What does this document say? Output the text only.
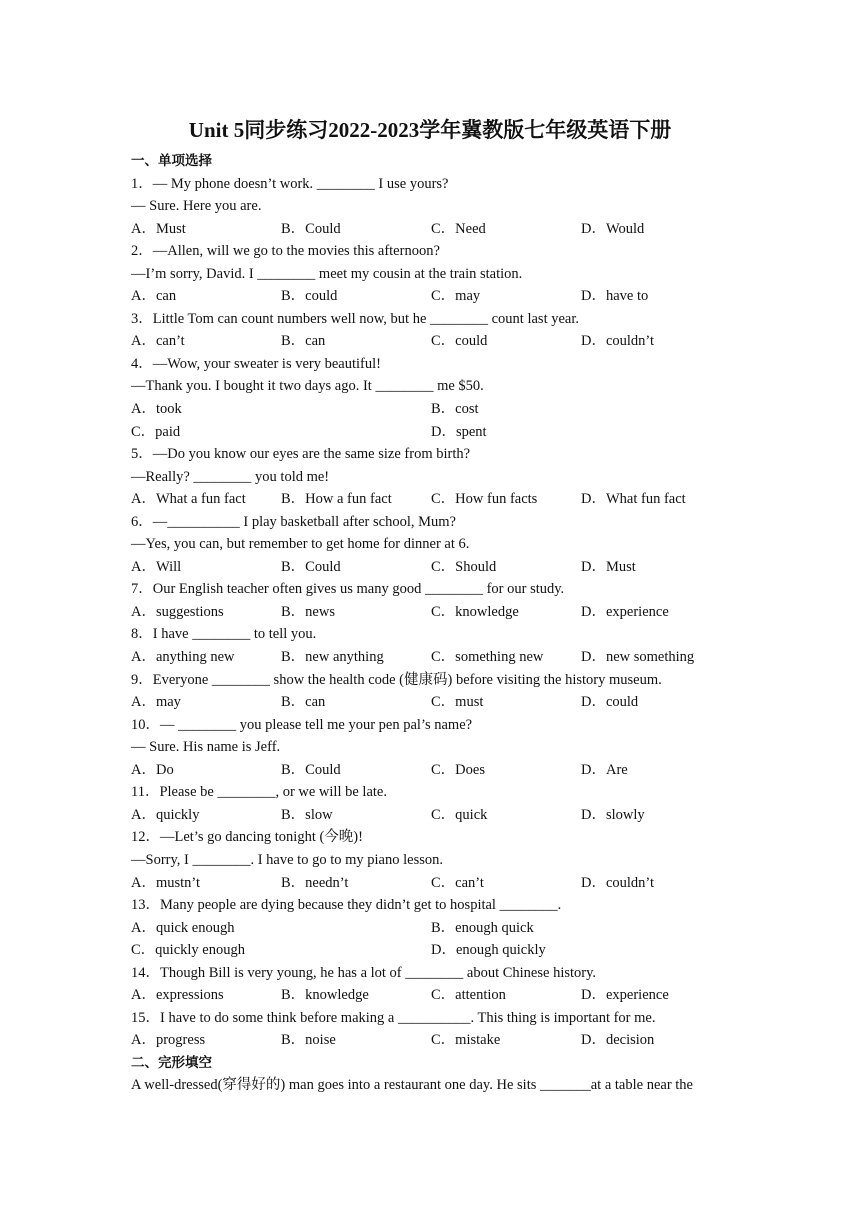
Unit 5同步练习2022-2023学年冀教版七年级英语下册
一、单项选择
1．— My phone doesn’t work. ________ I use yours?
— Sure. Here you are.
A．Must	B．Could	C．Need	D．Would
2．—Allen, will we go to the movies this afternoon?
—I’m sorry, David. I ________ meet my cousin at the train station.
A．can	B．could	C．may	D．have to
3．Little Tom can count numbers well now, but he ________ count last year.
A．can’t	B．can	C．could	D．couldn’t
4．—Wow, your sweater is very beautiful!
—Thank you. I bought it two days ago. It ________ me $50.
A．took	B．cost
C．paid	D．spent
5．—Do you know our eyes are the same size from birth?
—Really? ________ you told me!
A．What a fun fact B．How a fun fact	C．How fun facts	D．What fun fact
6．—__________ I play basketball after school, Mum?
—Yes, you can, but remember to get home for dinner at 6.
A．Will	B．Could	C．Should	D．Must
7．Our English teacher often gives us many good ________ for our study.
A．suggestions	B．news	C．knowledge	D．experience
8．I have ________ to tell you.
A．anything new	B．new anything	C．something new	D．new something
9．Everyone ________ show the health code (健康码) before visiting the history museum.
A．may	B．can	C．must	D．could
10．— ________ you please tell me your pen pal’s name?
— Sure. His name is Jeff.
A．Do	B．Could	C．Does	D．Are
11．Please be ________, or we will be late.
A．quickly	B．slow	C．quick	D．slowly
12．—Let’s go dancing tonight (今晚)!
—Sorry, I ________. I have to go to my piano lesson.
A．mustn’t	B．needn’t	C．can’t	D．couldn’t
13．Many people are dying because they didn’t get to hospital ________.
A．quick enough	B．enough quick
C．quickly enough	D．enough quickly
14．Though Bill is very young, he has a lot of ________ about Chinese history.
A．expressions	B．knowledge	C．attention	D．experience
15．I have to do some think before making a __________. This thing is important for me.
A．progress	B．noise	C．mistake	D．decision
二、完形填空
A well-dressed(穿得好的) man goes into a restaurant one day. He sits _______at a table near the
